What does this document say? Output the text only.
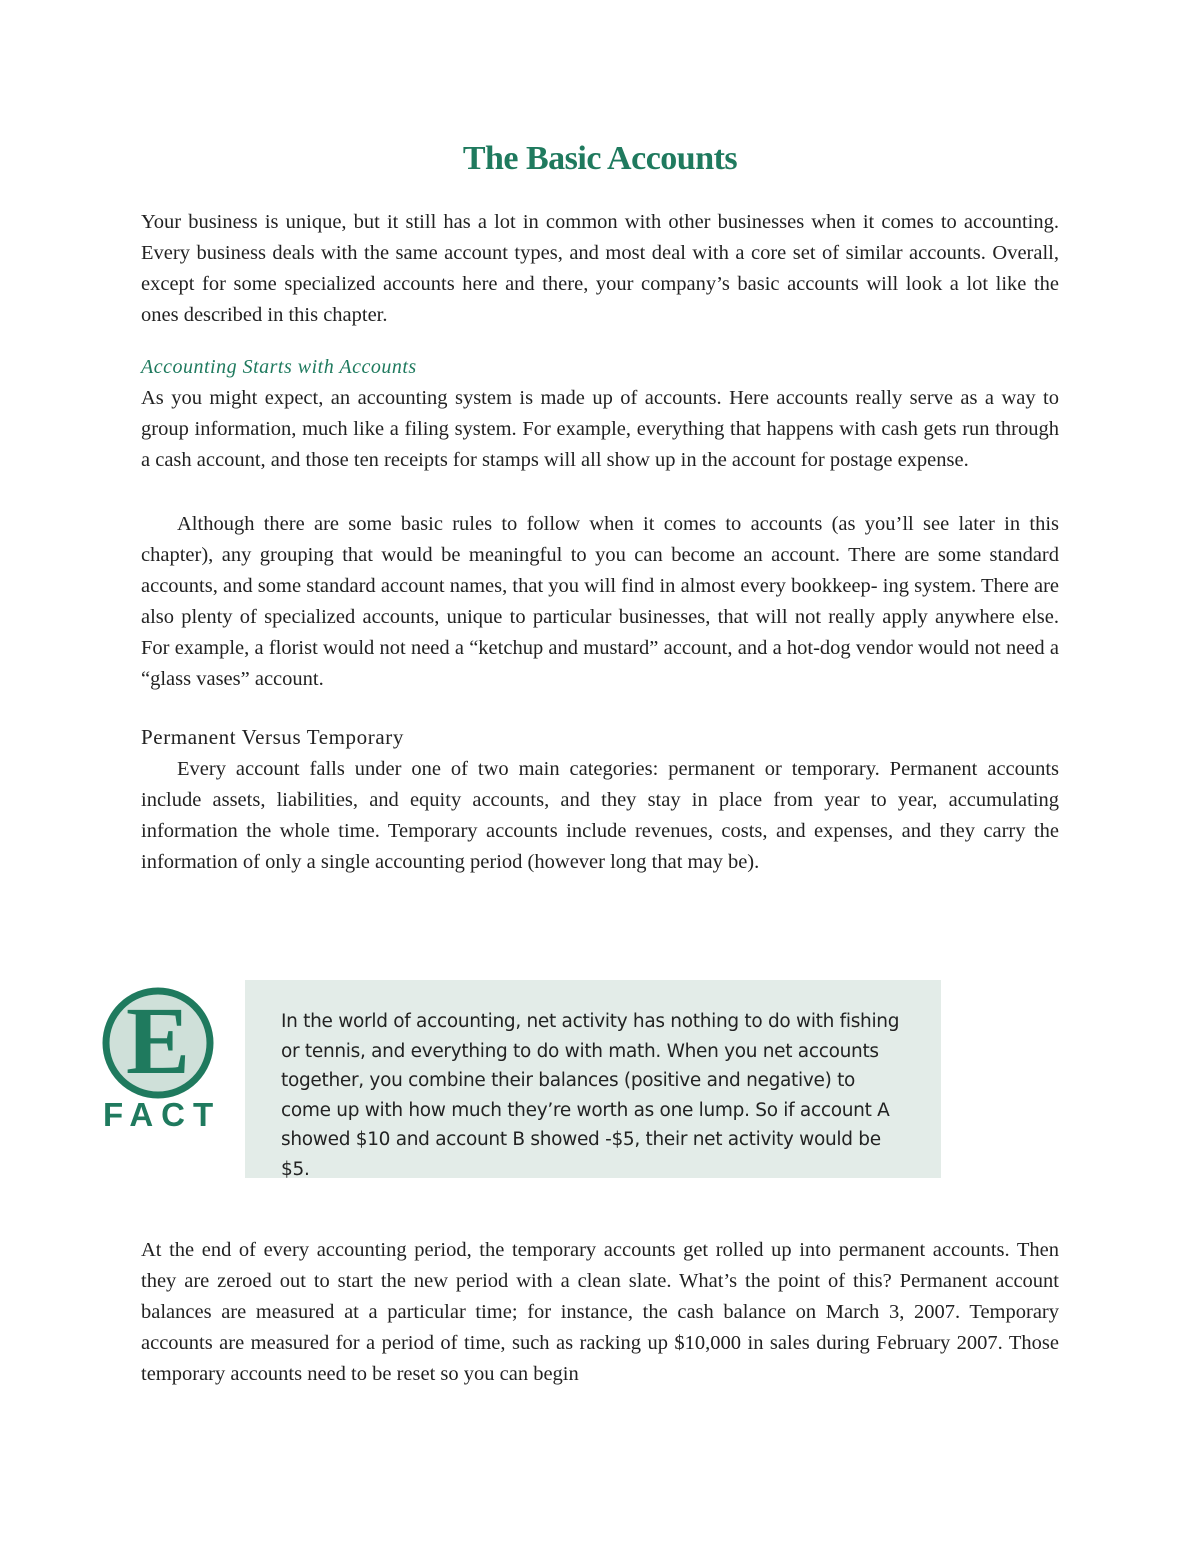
The Basic Accounts

Your business is unique, but it still has a lot in common with other businesses when it comes to accounting. Every business deals with the same account types, and most deal with a core set of similar accounts. Overall, except for some specialized accounts here and there, your company’s basic accounts will look a lot like the ones described in this chapter.

Accounting Starts with Accounts

As you might expect, an accounting system is made up of accounts. Here accounts really serve as a way to group information, much like a filing system. For example, everything that happens with cash gets run through a cash account, and those ten receipts for stamps will all show up in the account for postage expense.

Although there are some basic rules to follow when it comes to accounts (as you’ll see later in this chapter), any grouping that would be meaningful to you can become an account. There are some standard accounts, and some standard account names, that you will find in almost every bookkeep- ing system. There are also plenty of specialized accounts, unique to particular businesses, that will not really apply anywhere else. For example, a florist would not need a “ketchup and mustard” account, and a hot-dog vendor would not need a “glass vases” account.

Permanent Versus Temporary

Every account falls under one of two main categories: permanent or temporary. Permanent accounts include assets, liabilities, and equity accounts, and they stay in place from year to year, accumulating information the whole time. Temporary accounts include revenues, costs, and expenses, and they carry the information of only a single accounting period (however long that may be).

E
FACT

In the world of accounting, net activity has nothing to do with fishing or tennis, and everything to do with math. When you net accounts together, you combine their balances (positive and negative) to come up with how much they’re worth as one lump. So if account A showed $10 and account B showed -$5, their net activity would be $5.

At the end of every accounting period, the temporary accounts get rolled up into permanent accounts. Then they are zeroed out to start the new period with a clean slate. What’s the point of this? Permanent account balances are measured at a particular time; for instance, the cash balance on March 3, 2007. Temporary accounts are measured for a period of time, such as racking up $10,000 in sales during February 2007. Those temporary accounts need to be reset so you can begin
